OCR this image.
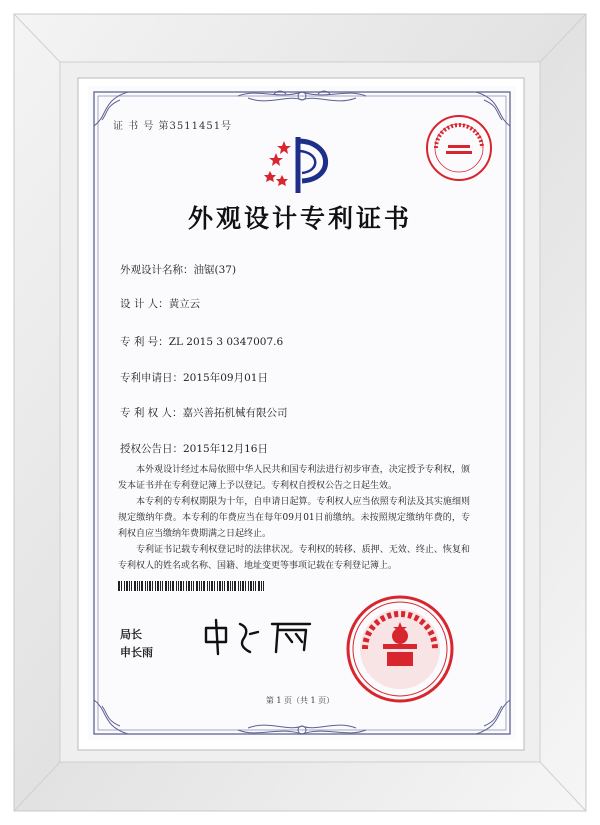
证 书 号 第3511451号
外观设计专利证书
外观设计名称：油锯(37)
设 计 人：黄立云
专 利 号：ZL 2015 3 0347007.6
专利申请日：2015年09月01日
专 利 权 人：嘉兴善拓机械有限公司
授权公告日：2015年12月16日
本外观设计经过本局依照中华人民共和国专利法进行初步审查，决定授予专利权，颁发本证书并在专利登记簿上予以登记。专利权自授权公告之日起生效。
本专利的专利权期限为十年，自申请日起算。专利权人应当依照专利法及其实施细则规定缴纳年费。本专利的年费应当在每年09月01日前缴纳。未按照规定缴纳年费的，专利权自应当缴纳年费期满之日起终止。
专利证书记载专利权登记时的法律状况。专利权的转移、质押、无效、终止、恢复和专利权人的姓名或名称、国籍、地址变更等事项记载在专利登记簿上。
局长
申长雨
第 1 页（共 1 页）
